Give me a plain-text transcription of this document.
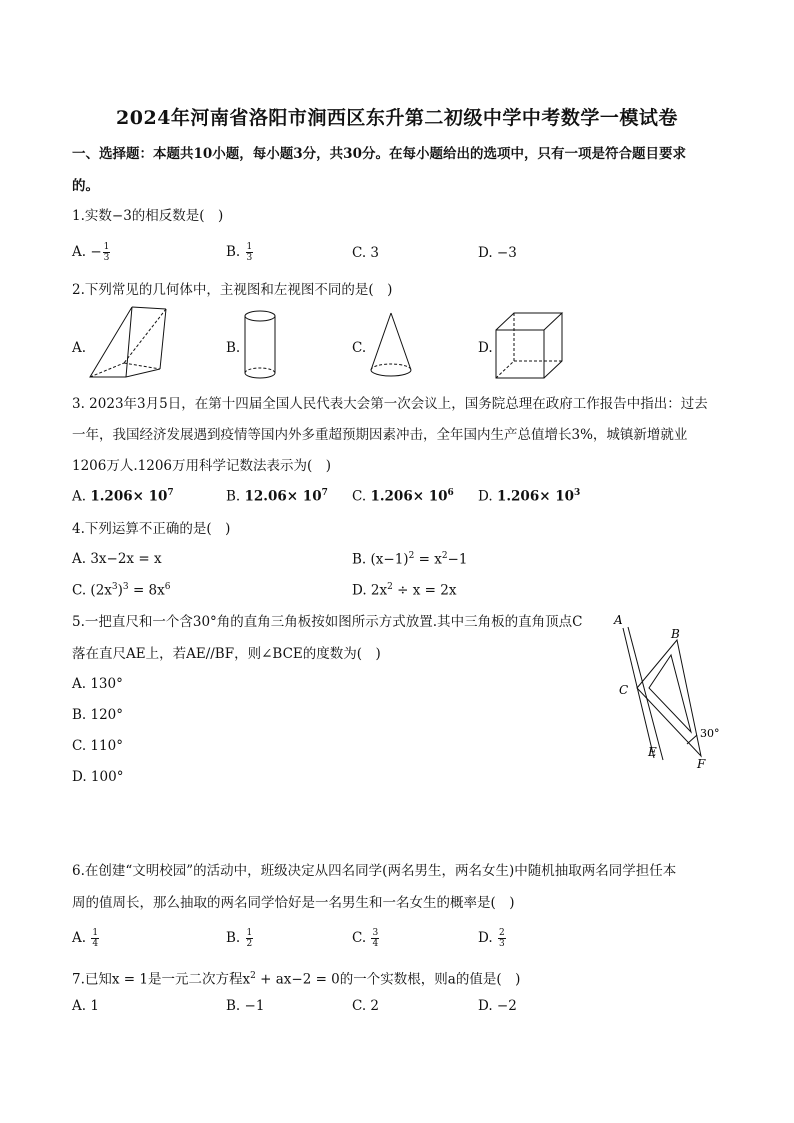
2024年河南省洛阳市涧西区东升第二初级中学中考数学一模试卷
一、选择题：本题共10小题，每小题3分，共30分。在每小题给出的选项中，只有一项是符合题目要求
的。
1.实数−3的相反数是(　)
A. − $\frac{1}{3}$	B. $\frac{1}{3}$	C. 3	D. −3
2.下列常见的几何体中，主视图和左视图不同的是(　)
A.	B.	C.	D.
3. 2023年3月5日，在第十四届全国人民代表大会第一次会议上，国务院总理在政府工作报告中指出：过去
一年，我国经济发展遇到疫情等国内外多重超预期因素冲击，全年国内生产总值增长3%，城镇新增就业
1206万人.1206万用科学记数法表示为(　)
A. $1.206\times 10^7$	B. $12.06\times 10^7$ C. $1.206\times 10^6$ D. $1.206\times 10^3$
4.下列运算不正确的是(　)
A. 3x−2x = x	B. $(x-1)^2 = x^2-1$
C. $(2x^3)^3 = 8x^6$	D. $2x^2 \div x = 2x$
5.一把直尺和一个含30°角的直角三角板按如图所示方式放置.其中三角板的直角顶点C
落在直尺AE上，若AE//BF，则∠BCE的度数为(　)
A. 130°
B. 120°
C. 110°
D. 100°
A
B
C
E
F
30°
6.在创建“文明校园”的活动中，班级决定从四名同学(两名男生，两名女生)中随机抽取两名同学担任本
周的值周长，那么抽取的两名同学恰好是一名男生和一名女生的概率是(　)
A. $\frac{1}{4}$	B. $\frac{1}{2}$	C. $\frac{3}{4}$	D. $\frac{2}{3}$
7.已知x = 1是一元二次方程$x^2 + ax-2 = 0$的一个实数根，则a的值是(　)
A. 1	B. −1	C. 2	D. −2
